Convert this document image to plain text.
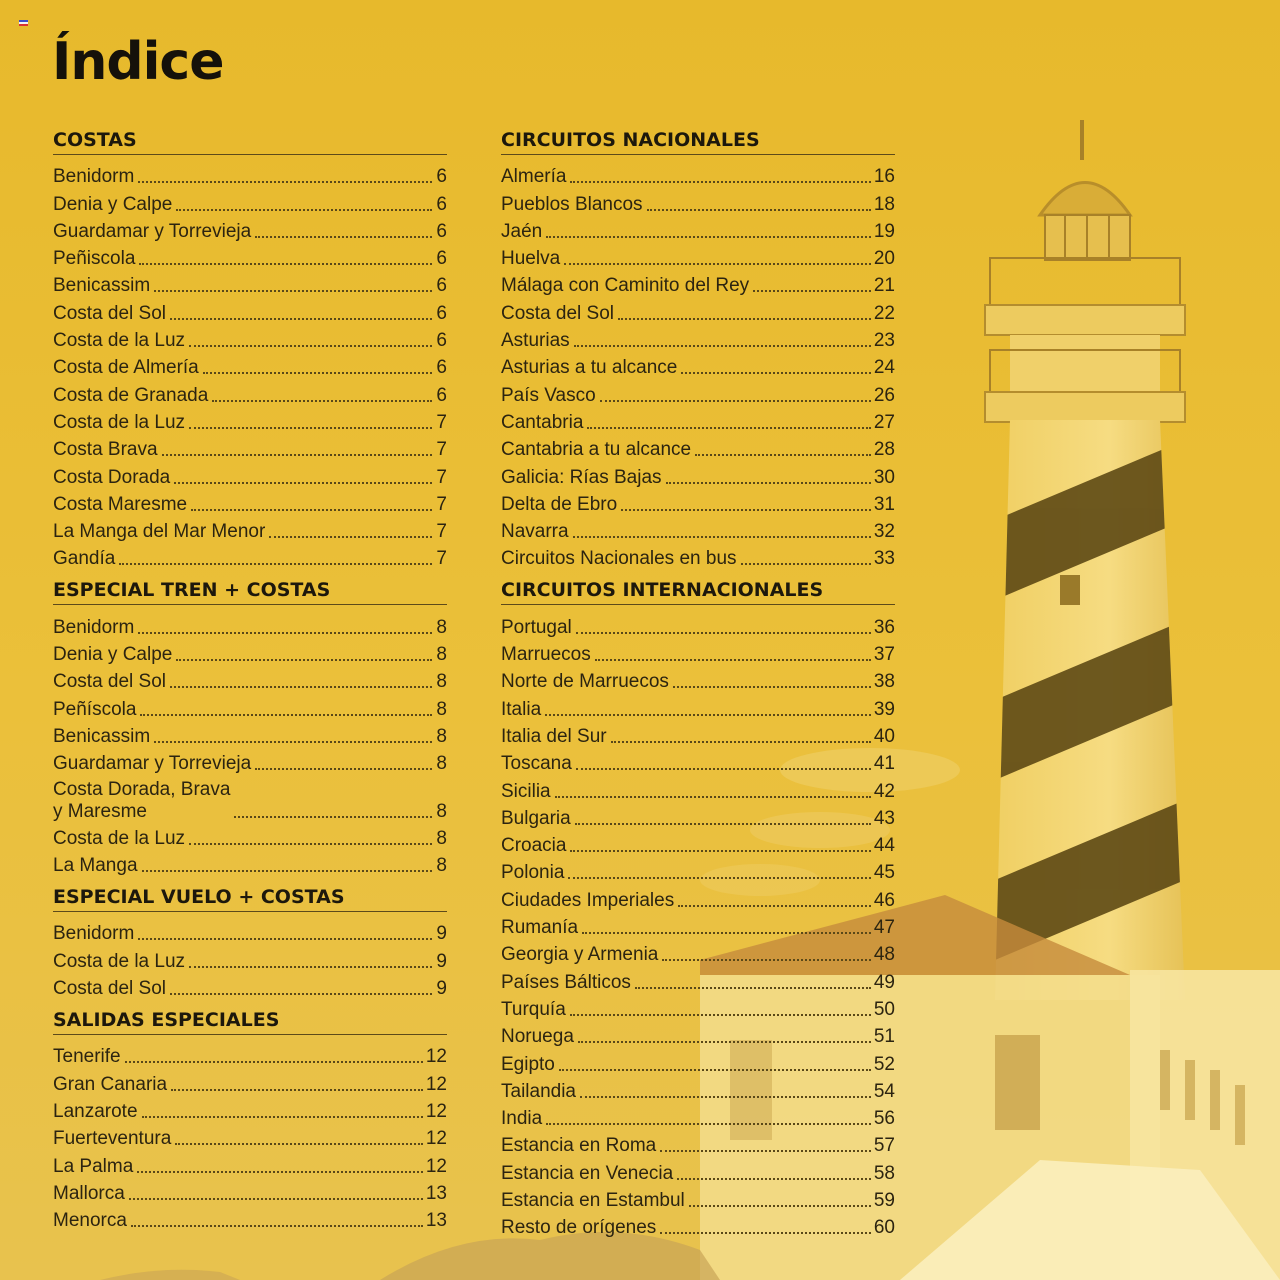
Índice
COSTAS
Benidorm	6
Denia y Calpe	6
Guardamar y Torrevieja	6
Peñiscola	6
Benicassim	6
Costa del Sol	6
Costa de la Luz	6
Costa de Almería	6
Costa de Granada	6
Costa de la Luz	7
Costa Brava	7
Costa Dorada	7
Costa Maresme	7
La Manga del Mar Menor	7
Gandía	7
ESPECIAL TREN + COSTAS
Benidorm	8
Denia y Calpe	8
Costa del Sol	8
Peñíscola	8
Benicassim	8
Guardamar y Torrevieja	8
Costa Dorada, Brava
y Maresme	8
Costa de la Luz	8
La Manga	8
ESPECIAL VUELO + COSTAS
Benidorm	9
Costa de la Luz	9
Costa del Sol	9
SALIDAS ESPECIALES
Tenerife	12
Gran Canaria	12
Lanzarote	12
Fuerteventura	12
La Palma	12
Mallorca	13
Menorca	13
CIRCUITOS NACIONALES
Almería	16
Pueblos Blancos	18
Jaén	19
Huelva	20
Málaga con Caminito del Rey	21
Costa del Sol	22
Asturias	23
Asturias a tu alcance	24
País Vasco	26
Cantabria	27
Cantabria a tu alcance	28
Galicia: Rías Bajas	30
Delta de Ebro	31
Navarra	32
Circuitos Nacionales en bus	33
CIRCUITOS INTERNACIONALES
Portugal	36
Marruecos	37
Norte de Marruecos	38
Italia	39
Italia del Sur	40
Toscana	41
Sicilia	42
Bulgaria	43
Croacia	44
Polonia	45
Ciudades Imperiales	46
Rumanía	47
Georgia y Armenia	48
Países Bálticos	49
Turquía	50
Noruega	51
Egipto	52
Tailandia	54
India	56
Estancia en Roma	57
Estancia en Venecia	58
Estancia en Estambul	59
Resto de orígenes	60
